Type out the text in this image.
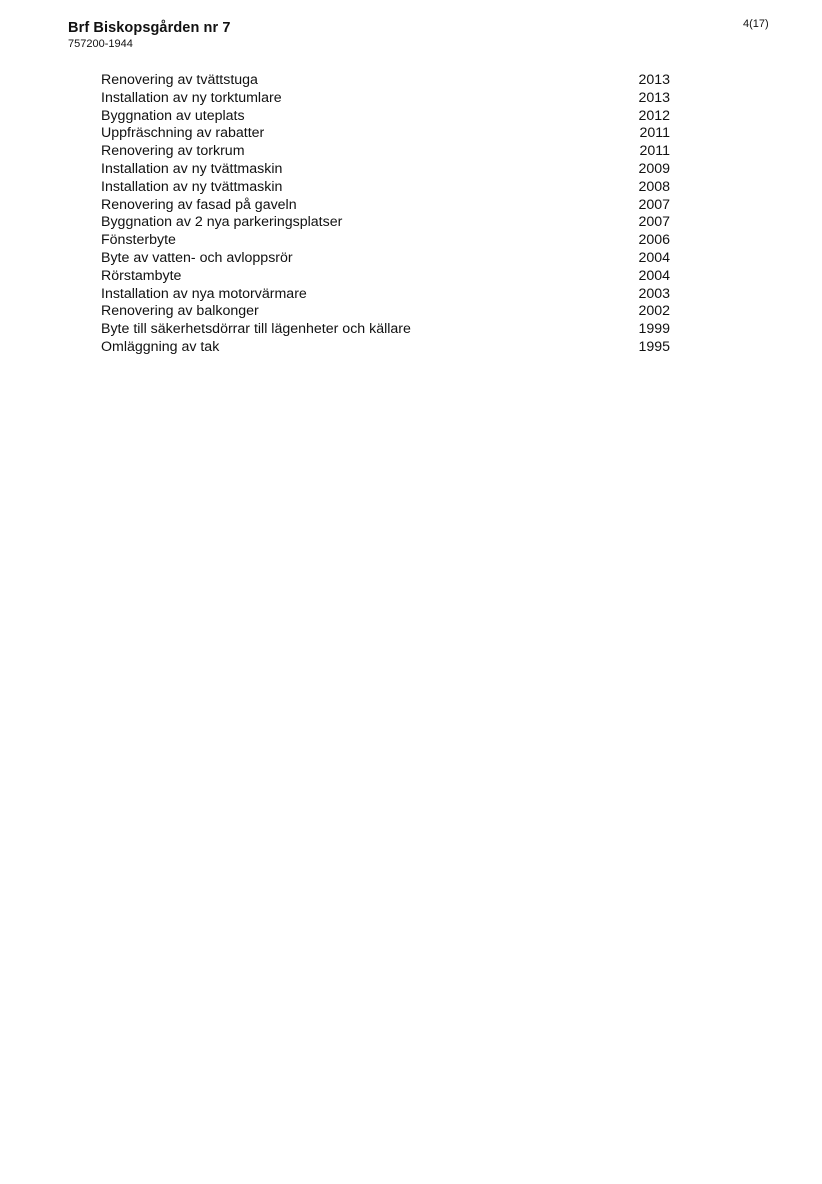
Brf Biskopsgården nr 7
757200-1944
4(17)
Renovering av tvättstuga	2013
Installation av ny torktumlare	2013
Byggnation av uteplats	2012
Uppfräschning av rabatter	2011
Renovering av torkrum	2011
Installation av ny tvättmaskin	2009
Installation av ny tvättmaskin	2008
Renovering av fasad på gaveln	2007
Byggnation av 2 nya parkeringsplatser	2007
Fönsterbyte	2006
Byte av vatten- och avloppsrör	2004
Rörstambyte	2004
Installation av nya motorvärmare	2003
Renovering av balkonger	2002
Byte till säkerhetsdörrar till lägenheter och källare	1999
Omläggning av tak	1995
